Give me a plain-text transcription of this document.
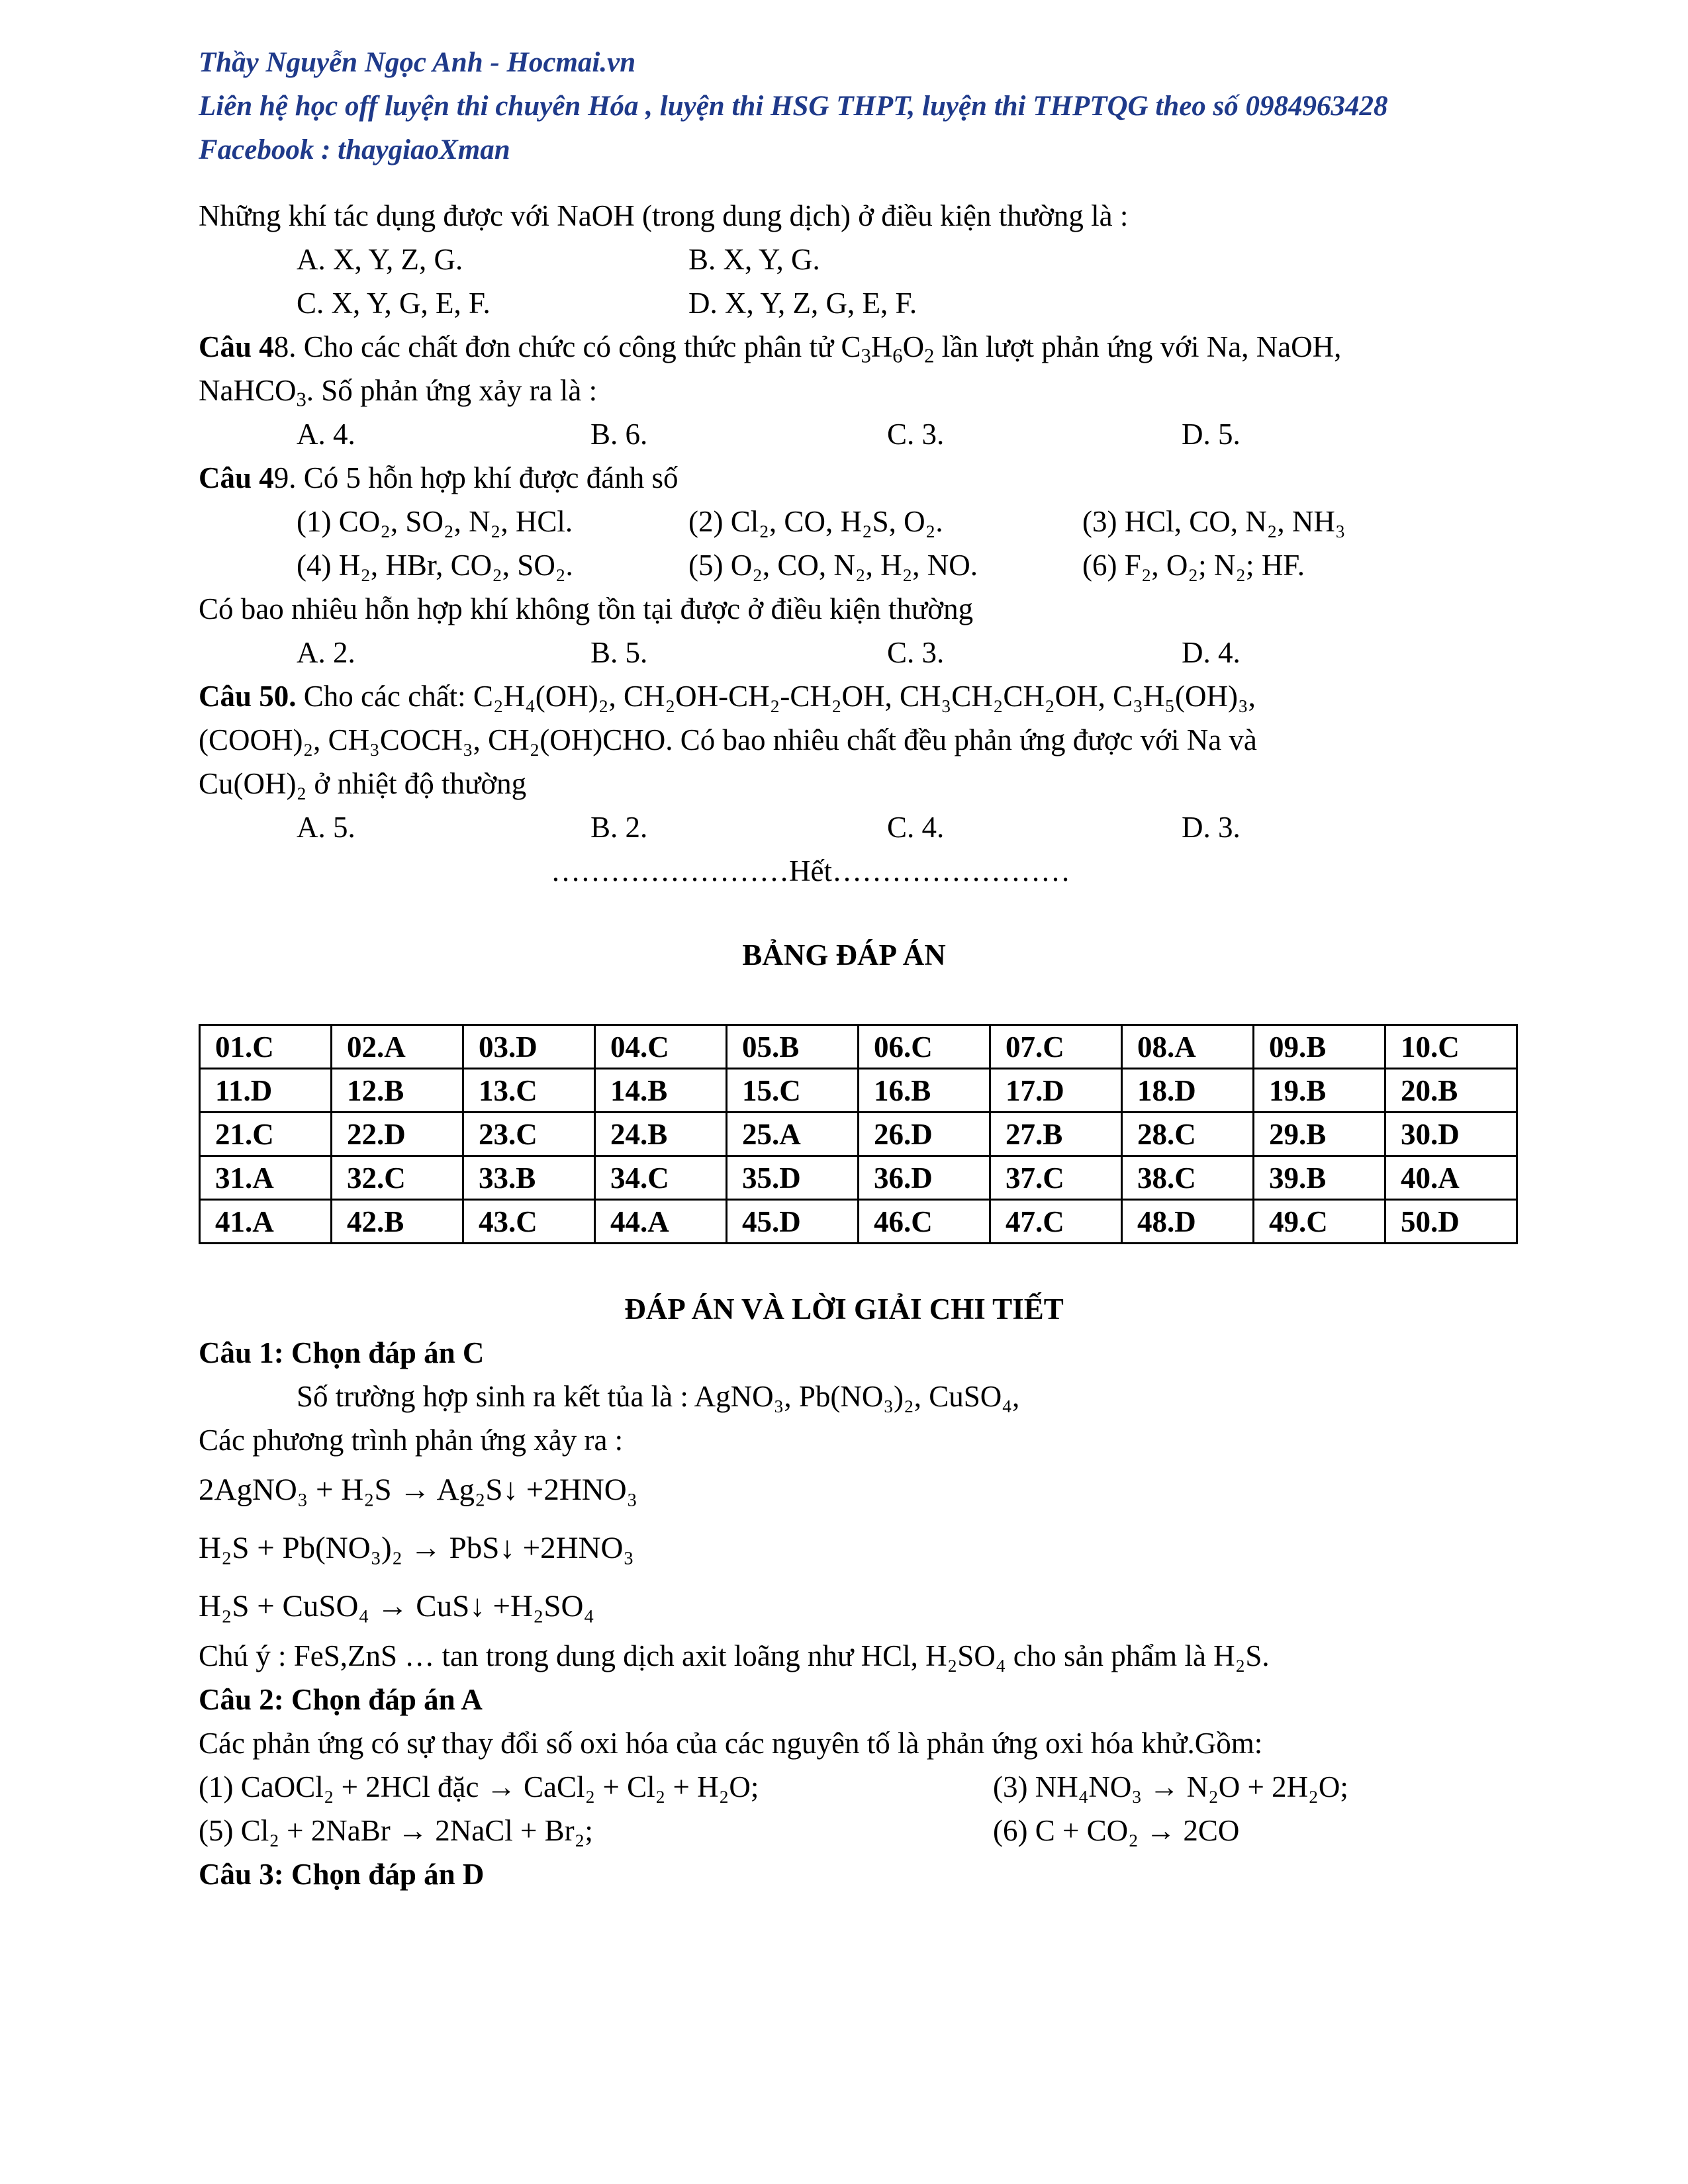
Thầy Nguyễn Ngọc Anh - Hocmai.vn
Liên hệ học off luyện thi chuyên Hóa , luyện thi HSG THPT, luyện thi THPTQG theo số 0984963428
Facebook : thaygiaoXman
Những khí tác dụng được với NaOH (trong dung dịch) ở điều kiện thường là :
A. X, Y, Z, G.	B. X, Y, G.
C. X, Y, G, E, F.	D. X, Y, Z, G, E, F.
Câu 48. Cho các chất đơn chức có công thức phân tử $C_3H_6O_2$ lần lượt phản ứng với Na, NaOH,
NaHCO$_3$. Số phản ứng xảy ra là :
A. 4.	B. 6.	C. 3.	D. 5.
Câu 49. Có 5 hỗn hợp khí được đánh số
(1) CO₂, SO₂, N₂, HCl.	(2) Cl₂, CO, H₂S, O₂.	(3) HCl, CO, N₂, NH₃
(4) H₂, HBr, CO₂, SO₂.	(5) O₂, CO, N₂, H₂, NO.	(6) F₂, O₂; N₂; HF.
Có bao nhiêu hỗn hợp khí không tồn tại được ở điều kiện thường
A. 2.	B. 5.	C. 3.	D. 4.
Câu 50. Cho các chất: C₂H₄(OH)₂, CH₂OH-CH₂-CH₂OH, CH₃CH₂CH₂OH, C₃H₅(OH)₃,
(COOH)₂, CH₃COCH₃, CH₂(OH)CHO. Có bao nhiêu chất đều phản ứng được với Na và
Cu(OH)₂ ở nhiệt độ thường
A. 5.	B. 2.	C. 4.	D. 3.
……………………Hết……………………
BẢNG ĐÁP ÁN
01.C	02.A	03.D	04.C	05.B	06.C	07.C	08.A	09.B	10.C
11.D	12.B	13.C	14.B	15.C	16.B	17.D	18.D	19.B	20.B
21.C	22.D	23.C	24.B	25.A	26.D	27.B	28.C	29.B	30.D
31.A	32.C	33.B	34.C	35.D	36.D	37.C	38.C	39.B	40.A
41.A	42.B	43.C	44.A	45.D	46.C	47.C	48.D	49.C	50.D
ĐÁP ÁN VÀ LỜI GIẢI CHI TIẾT
Câu 1: Chọn đáp án C
Số trường hợp sinh ra kết tủa là : AgNO₃, Pb(NO₃)₂, CuSO₄,
Các phương trình phản ứng xảy ra :
2AgNO₃ + H₂S → Ag₂S↓ +2HNO₃
H₂S + Pb(NO₃)₂ → PbS↓ +2HNO₃
H₂S + CuSO₄ → CuS↓ +H₂SO₄
Chú ý : FeS,ZnS … tan trong dung dịch axit loãng như HCl, H₂SO₄ cho sản phẩm là H₂S.
Câu 2: Chọn đáp án A
Các phản ứng có sự thay đổi số oxi hóa của các nguyên tố là phản ứng oxi hóa khử.Gồm:
(1) CaOCl₂ + 2HCl đặc → CaCl₂ + Cl₂ + H₂O;	(3) NH₄NO₃ → N₂O + 2H₂O;
(5) Cl₂ + 2NaBr → 2NaCl + Br₂;	(6) C + CO₂ → 2CO
Câu 3: Chọn đáp án D
